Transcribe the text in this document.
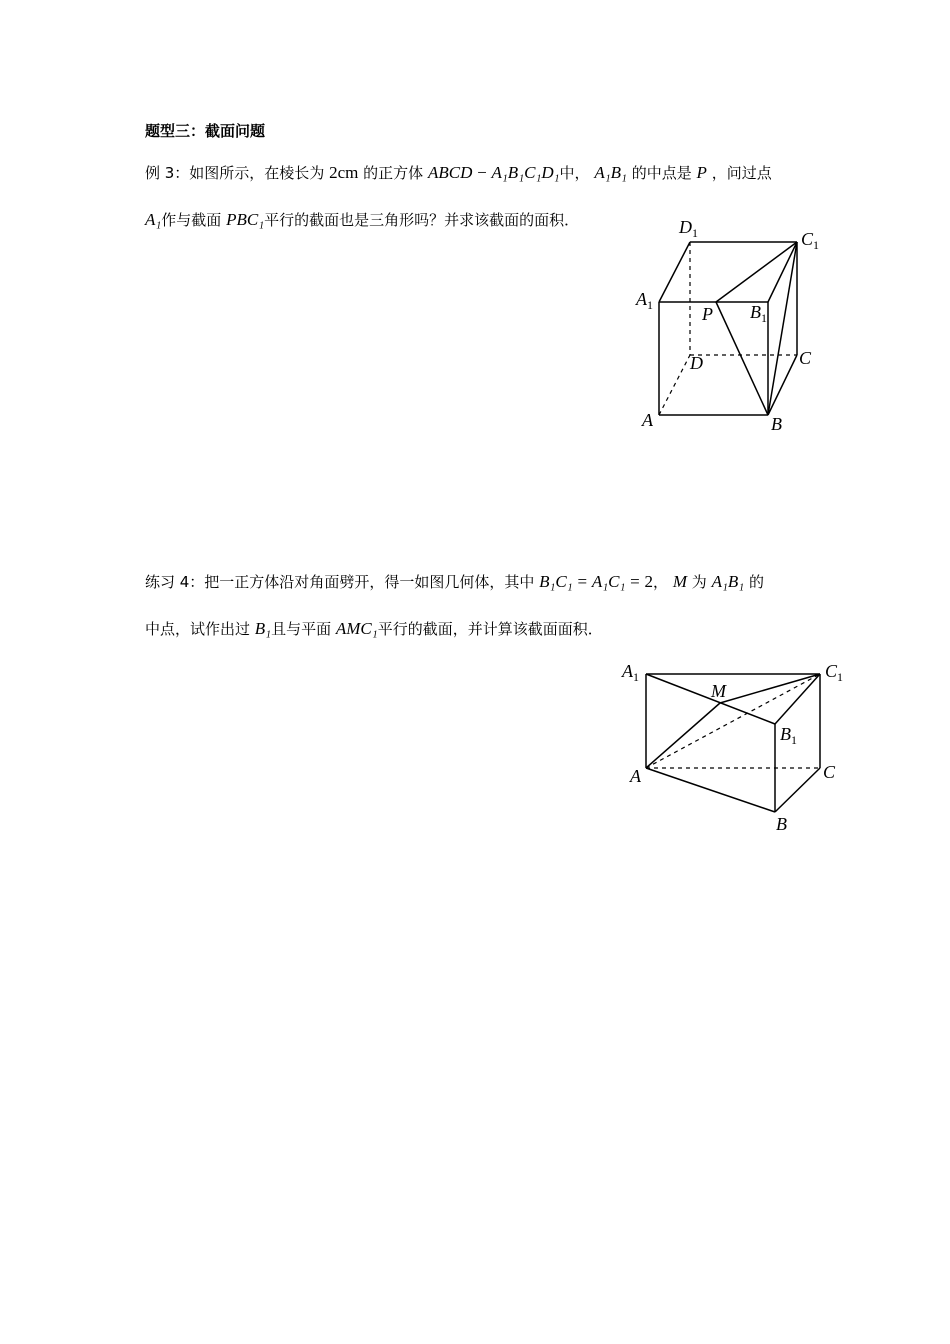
题型三：截面问题
例 3：如图所示，在棱长为 2cm 的正方体 ABCD − A₁B₁C₁D₁中， A₁B₁ 的中点是 P ，问过点
A₁作与截面 PBC₁平行的截面也是三角形吗？并求该截面的面积．	$D_1$	$C_1$
$A_1$	P $B_1$
D	C
A	B
练习 4：把一正方体沿对角面劈开，得一如图几何体，其中 B₁C₁ = A₁C₁ = 2， M 为 A₁B₁ 的
中点，试作出过 B₁且与平面 AMC₁平行的截面，并计算该截面面积．
$A_1$	$C_1$
M
$B_1$
A	C
B
